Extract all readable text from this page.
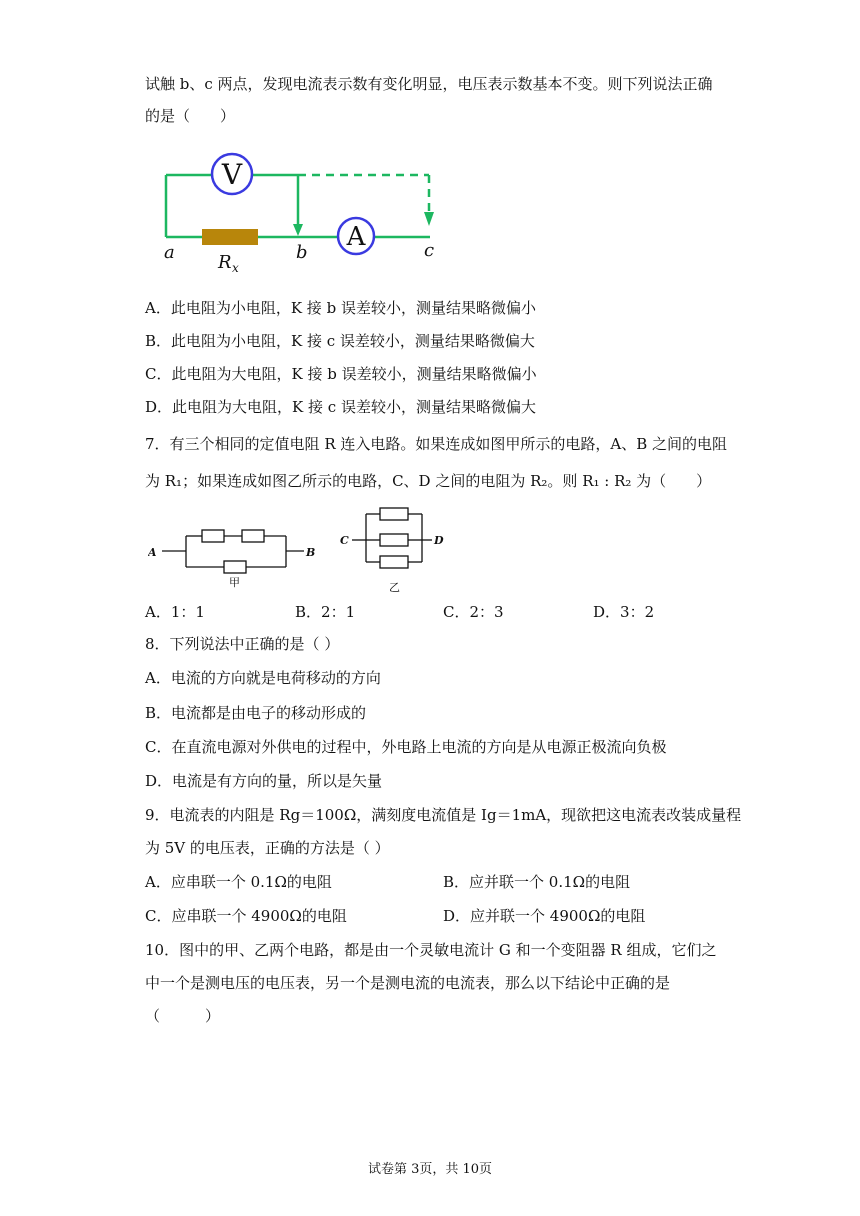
试触 b、c 两点，发现电流表示数有变化明显，电压表示数基本不变。则下列说法正确
的是（　　）
V
A
a	b	c
R x
A．此电阻为小电阻，K 接 b 误差较小，测量结果略微偏小
B．此电阻为小电阻，K 接 c 误差较小，测量结果略微偏大
C．此电阻为大电阻，K 接 b 误差较小，测量结果略微偏小
D．此电阻为大电阻，K 接 c 误差较小，测量结果略微偏大
7．有三个相同的定值电阻 R 连入电路。如果连成如图甲所示的电路，A、B 之间的电阻
为 R₁；如果连成如图乙所示的电路，C、D 之间的电阻为 R₂。则 R₁ : R₂ 为（　　）
A	B
甲
C	D
乙
A．1：1	B．2：1	C．2：3	D．3：2
8．下列说法中正确的是（ ）
A．电流的方向就是电荷移动的方向
B．电流都是由电子的移动形成的
C．在直流电源对外供电的过程中，外电路上电流的方向是从电源正极流向负极
D．电流是有方向的量，所以是矢量
9．电流表的内阻是 Rg＝100Ω，满刻度电流值是 Ig＝1mA，现欲把这电流表改装成量程
为 5V 的电压表，正确的方法是（ ）
A．应串联一个 0.1Ω的电阻	B．应并联一个 0.1Ω的电阻
C．应串联一个 4900Ω的电阻	D．应并联一个 4900Ω的电阻
10．图中的甲、乙两个电路，都是由一个灵敏电流计 G 和一个变阻器 R 组成，它们之
中一个是测电压的电压表，另一个是测电流的电流表，那么以下结论中正确的是
（　　　）
试卷第 3页，共 10页
